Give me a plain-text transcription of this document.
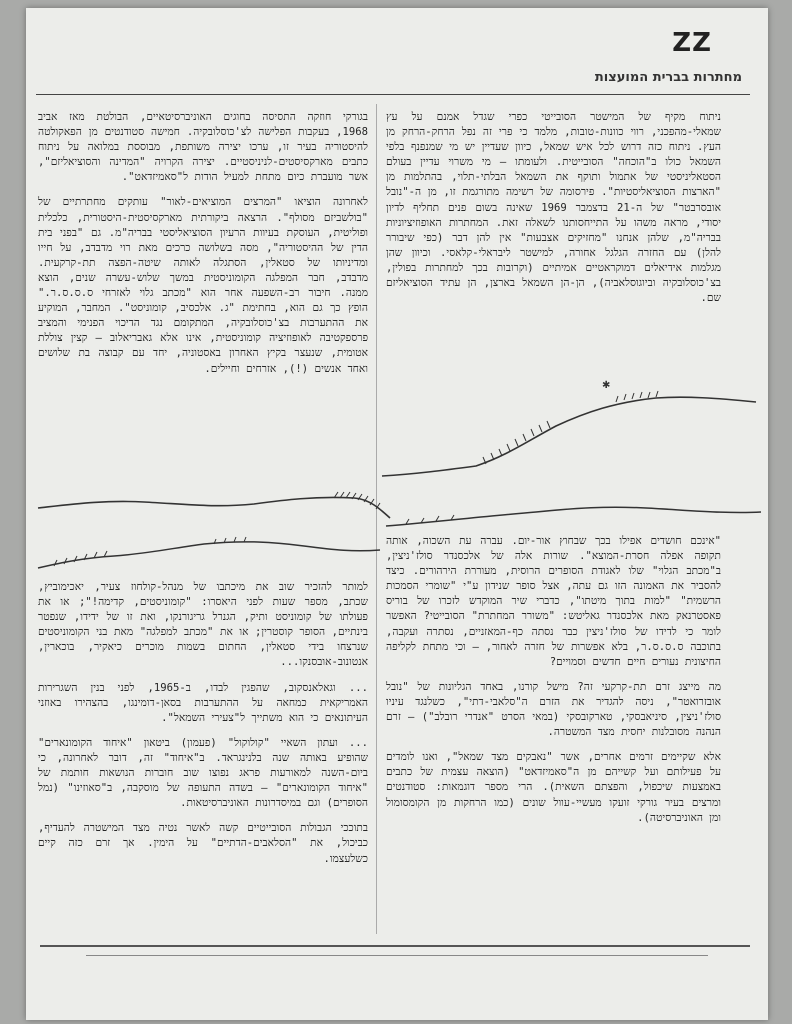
ZZ
מחתרות בברית המועצות

ניתוח מקיף של המישטר הסובייטי כפרי שגדל אמנם על עץ שמאלי-מהפכני, רווי כוונות-טובות, מלמד כי פרי זה נפל הרחק-הרחק מן העץ. ניתוח כזה דרוש לכל איש שמאל, כיוון שעדיין יש מי שמנפנף בלפי השמאל כולו ב"הוכחה" הסובייטית. ולעומתו — מי משרוי עדיין בעולם הסטאליניסטי של אתמול ותוקף את השמאל הבלתי-תלוי, בהתלמות מן "הארצות הסוציאליסטיות". פירסומה של רשימה מתורגמת זו, מן ה-"נובל אובסרבטר" של ה-21 בדצמבר 1969 שאינה בשום פנים תחליף לדיון יסודי, מראה משהו על התייחסותנו לשאלה זאת. המחתרות האופוזיציוניות בבריה"מ, שלהן אנחנו "מחזיקים אצבעות" אין להן דבר (כפי שיבורר להלן) עם החזרה הגלגל אחורה, למישטר ליבראלי-קלאסי. וכיוון שהן מגלמות אידיאלים דמוקראטיים אמיתיים (וקרובות בכך למחתרות בפולין, בצ'כוסלובקיה וביוגוסלאביה), הן-הן השמאל בארצן, הן עתיד הסוציאליזם שם.

בגורקי חוזקה התסיסה בחוגים האוניברסיטאיים, הבולטת מאז אביב 1968, בעקבות הפלישה לצ'כוסלובקיה. חמישה סטודנטים מן הפאקולטה להיסטוריה בעיר זו, ערכו יצירה משותפת, מבוססת במלואה על ניתוח כתבים מארקסיסטים-לניניסטיים. יצירה הקרויה "המדינה והסוציאליזם", אשר מועברת כיום מתחת למעיל הודות ל"סאמיזדאט".

לאחרונה הוציאו "המרצים המוציאים-לאור" עותקים מחתרתיים של "בולשביזם מסולף". הרצאה ביקורתית מארקסיסטית-היסטורית, כלכלית ופוליטית, העוסקת בעיוות הרעיון הסוציאליסטי בבריה"מ. גם "בפני בית הדין של ההיסטוריה", מסה בשלושה כרכים מאת רוי מדבדב, על חייו ומדיניותו של סטאלין, הסתגלה לאותה שיטה-הפצה תת-קרקעית. מדבדב, חבר המפלגה הקומוניסטית במשך שלוש-עשרה שנים, הוצא ממנה. חיבור רב-השפעה אחר הוא "מכתב גלוי לאזרחי ס.ס.ס.ר." הופץ כך גם הוא, בחתימת "ג. אלכסיב, קומוניסט". המחבר, המוקיע את ההתערבות בצ'כוסלובקיה, המתקומם נגד הדיכוי הפנימי והמציב פרספקטיבה לאופוזיציה קומוניסטית, אינו אלא גאבריאלוב — קצין צוללת אטומית, שנעצר בקיץ האחרון באסטוניה, יחד עם קבוצה בת שלושים ואחד אנשים (!), אזרחים וחיילים.

✱

"אינכם חושדים אפילו בכך שבחוץ אור-יום. עברה עת השכוה, אותה תקופה אפלה חסרת-המוצא". שורות אלה של אלכסנדר סולז'ניצין, ב"מכתב הגלוי" שלו לאגודת הסופרים הרוסית, מעוררת הירהורים. כיצד להסביר את האמונה הזו גם עתה, אצל סופר שנידון ע"י "שומרי הסמכות הרשמית" "למות בתוך מיטתו", כדברי שיר המוקדש לזכרו של בוריס פאסטרנאק מאת אלכסנדר גאליטש: "משורר המחתרת" הסובייטי? האפשר לומר כי לדידו של סולז'ניצין כבר נסתה כף-המאזניים, נסתרה ועקבה, בתוכבה ס.ס.ס.ר, בלא אפשרות של חזרה לאחור, — וכי מתחת לקליפה החיצונית נעורים חיים חדשים וסמויים?

מה מייצג זרם תת-קרקעי זה? מישל קורנו, באחד הגליונות של "נובל אובזרואטר", ניסה להגדיר את הזרם ה"סלאבי-דתי", כשלנגד עיניו סולז'ניצין, סיניאבסקי, טארקובסקי (במאי הסרט "אנדרי רובלב") — זרם הנהנה מסובלנות יחסית מצד המשטרה.

אלא שקיימים זרמים אחרים, אשר "נאבקים מצד שמאל", ואנו לומדים על פעילותם ועל קשייהם מן ה"סאמיזדאט" (הוצאה עצמית של כתבים באמצעות שיכפול, והפצתם השאית). הרי מספר דוגמאות: סטודנטים ומרצים בעיר גורקי זועקו מעשיי-עוול שונים (כמו הרחקות מן הקומסומול ומן האוניברסיטה).

למותר להזכיר שוב את מיכתבו של מנהל-קולחוז צעיר, יאכימוביץ, שכתב, מספר שעות לפני היאסרו: "קומוניסטים, קדימה!"; או את פעולתו של קומוניסט ותיק, הגנרל גריגורנקו, ואת זו של ידידו, שנפטר בינתיים, הסופר קוסטרין; או את "מכתב למפלגה" מאת בני הקומוניסטים שנרצחו בידי סטאלין, החתום בשמות מוכרים כיאקיר, בוכארין, אנטונוב-אובסנקו...

... וגאלאנסקוב, שהפגין לבדו, ב-1965, לפני בנין השגרירות האמריקאית כמחאה על ההתערבות בסאן-דומינגו, בהצהירו באוזני העיתונאים כי הוא משתייך ל"צעירי השמאל".

... ועתון השאיי "קולוקול" (פעמון) ביטאון "איחוד הקומונארים" שהופיע באותה שנה בלנינגראד. ב"איחוד" זה, דובר לאחרונה, כי ביום-השנה למאורעות פראג נפוצו שוב חוברות הנושאות חותמת של "איחוד הקומונארים" — בשדה התעופה של מוסקבה, ב"סאוזינו" (נמל הסופרים) וגם במיסדרונות האוניברסיטאות.

בתוככי הגבולות הסובייטיים קשה לאשר נטיה מצד המישטרה להעדיף, כביכול, את "הסלאבים-הדתיים" על הימין. אך זרם כזה קיים כשלעצמו.
